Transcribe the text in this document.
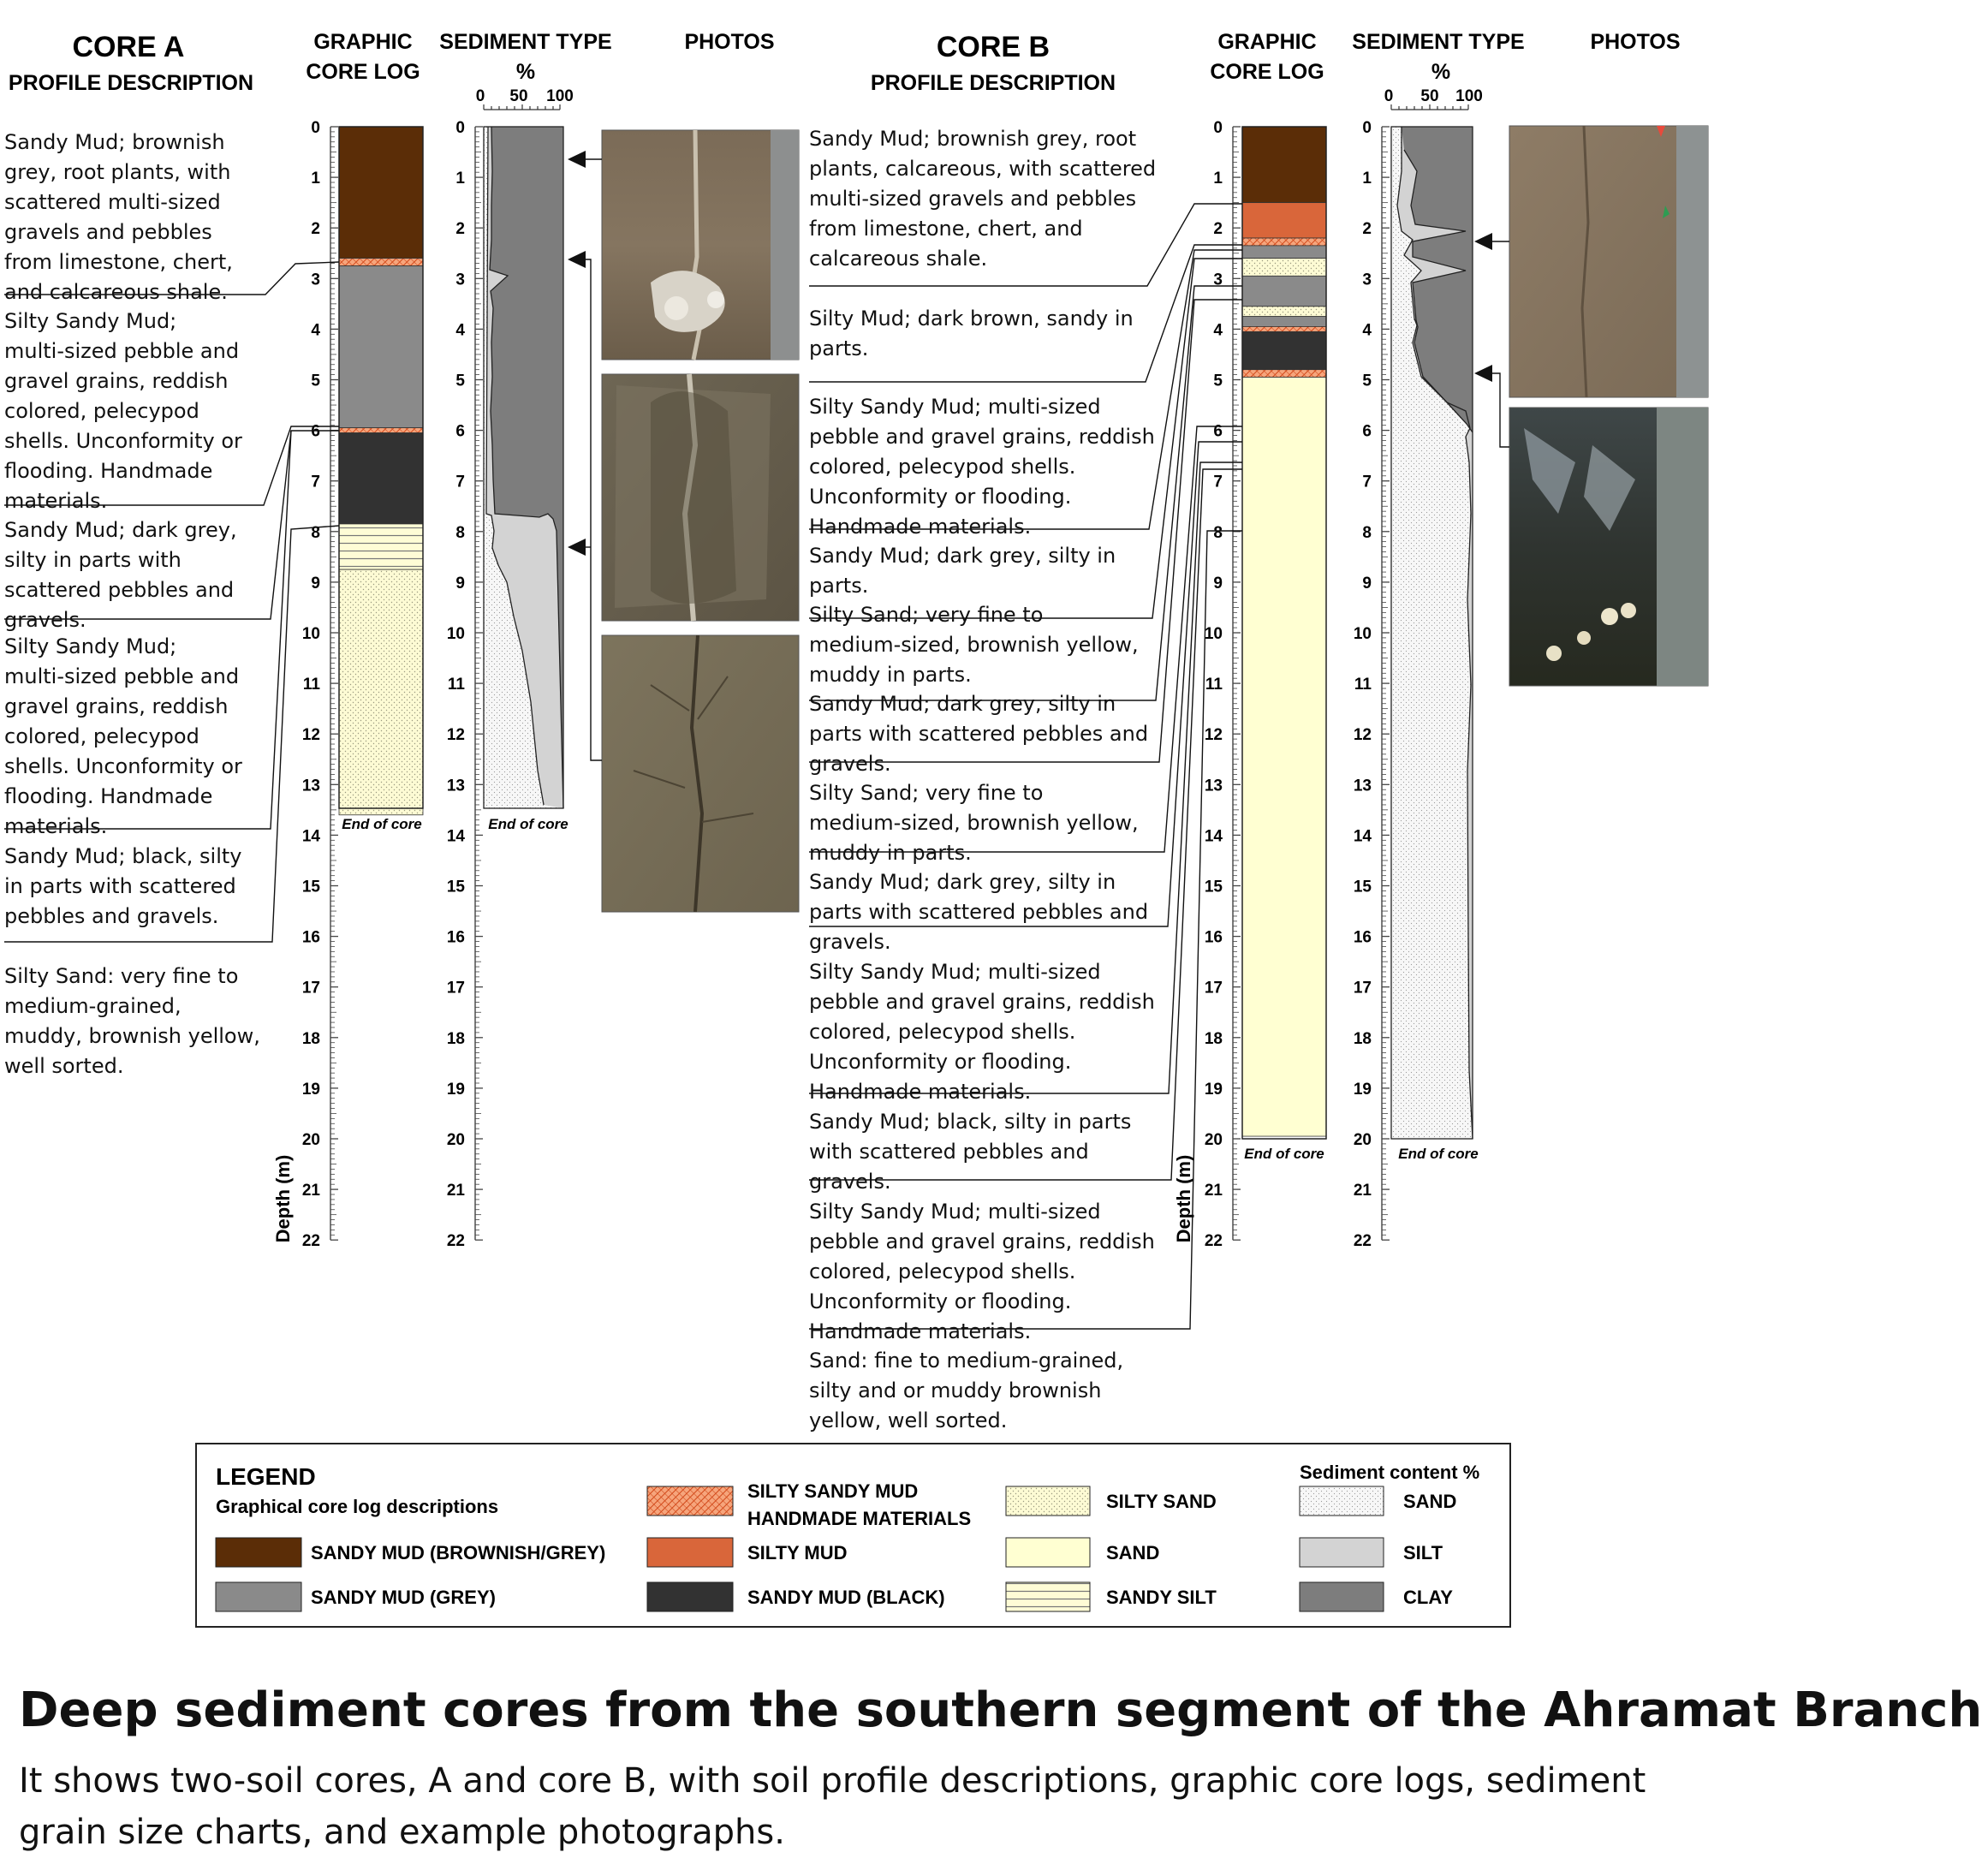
CORE A
PROFILE DESCRIPTION
GRAPHIC
CORE LOG
SEDIMENT TYPE
%
PHOTOS
0 50 100
0
1
2
3
4
5
6
7
8
9
10
11
12
13
14
15
16
17
18
19
20
21
22
0
1
2
3
4
5
6
7
8
9
10
11
12
13
14
15
16
17
18
19
20
21
22
Depth (m)
End of core	End of core
Sandy Mud; brownish grey, root plants, with scattered multi-sized gravels and pebbles from limestone, chert, and calcareous shale.
Silty Sandy Mud; multi-sized pebble and gravel grains, reddish colored, pelecypod shells. Unconformity or flooding. Handmade materials.
Sandy Mud; dark grey, silty in parts with scattered pebbles and gravels.
Silty Sandy Mud; multi-sized pebble and gravel grains, reddish colored, pelecypod shells. Unconformity or flooding. Handmade materials.
Sandy Mud; black, silty in parts with scattered pebbles and gravels.
Silty Sand: very fine to medium-grained, muddy, brownish yellow, well sorted.
CORE B
PROFILE DESCRIPTION
GRAPHIC
CORE LOG
SEDIMENT TYPE
%
PHOTOS
0 50 100
0
1
2
3
4
5
6
7
8
9
10
11
12
13
14
15
16
17
18
19
20
21
22
0
1
2
3
4
5
6
7
8
9
10
11
12
13
14
15
16
17
18
19
20
21
22
Depth (m)
End of core	End of core
Sandy Mud; brownish grey, root plants, calcareous, with scattered multi-sized gravels and pebbles from limestone, chert, and calcareous shale.
Silty Mud; dark brown, sandy in parts.
Silty Sandy Mud; multi-sized pebble and gravel grains, reddish colored, pelecypod shells. Unconformity or flooding. Handmade materials.
Sandy Mud; dark grey, silty in parts.
Silty Sand; very fine to medium-sized, brownish yellow, muddy in parts.
Sandy Mud; dark grey, silty in parts with scattered pebbles and gravels.
Silty Sand; very fine to medium-sized, brownish yellow, muddy in parts.
Sandy Mud; dark grey, silty in parts with scattered pebbles and gravels.
Silty Sandy Mud; multi-sized pebble and gravel grains, reddish colored, pelecypod shells. Unconformity or flooding. Handmade materials.
Sandy Mud; black, silty in parts with scattered pebbles and gravels.
Silty Sandy Mud; multi-sized pebble and gravel grains, reddish colored, pelecypod shells. Unconformity or flooding. Handmade materials.
Sand: fine to medium-grained, silty and or muddy brownish yellow, well sorted.
LEGEND
Graphical core log descriptions
Sediment content %
SANDY MUD (BROWNISH/GREY)
SANDY MUD (GREY)
SILTY SANDY MUD
HANDMADE MATERIALS
SILTY MUD
SANDY MUD (BLACK)
SILTY SAND
SAND
SANDY SILT
SAND
SILT
CLAY
Deep sediment cores from the southern segment of the Ahramat Branch
It shows two-soil cores, A and core B, with soil profile descriptions, graphic core logs, sediment grain size charts, and example photographs.
